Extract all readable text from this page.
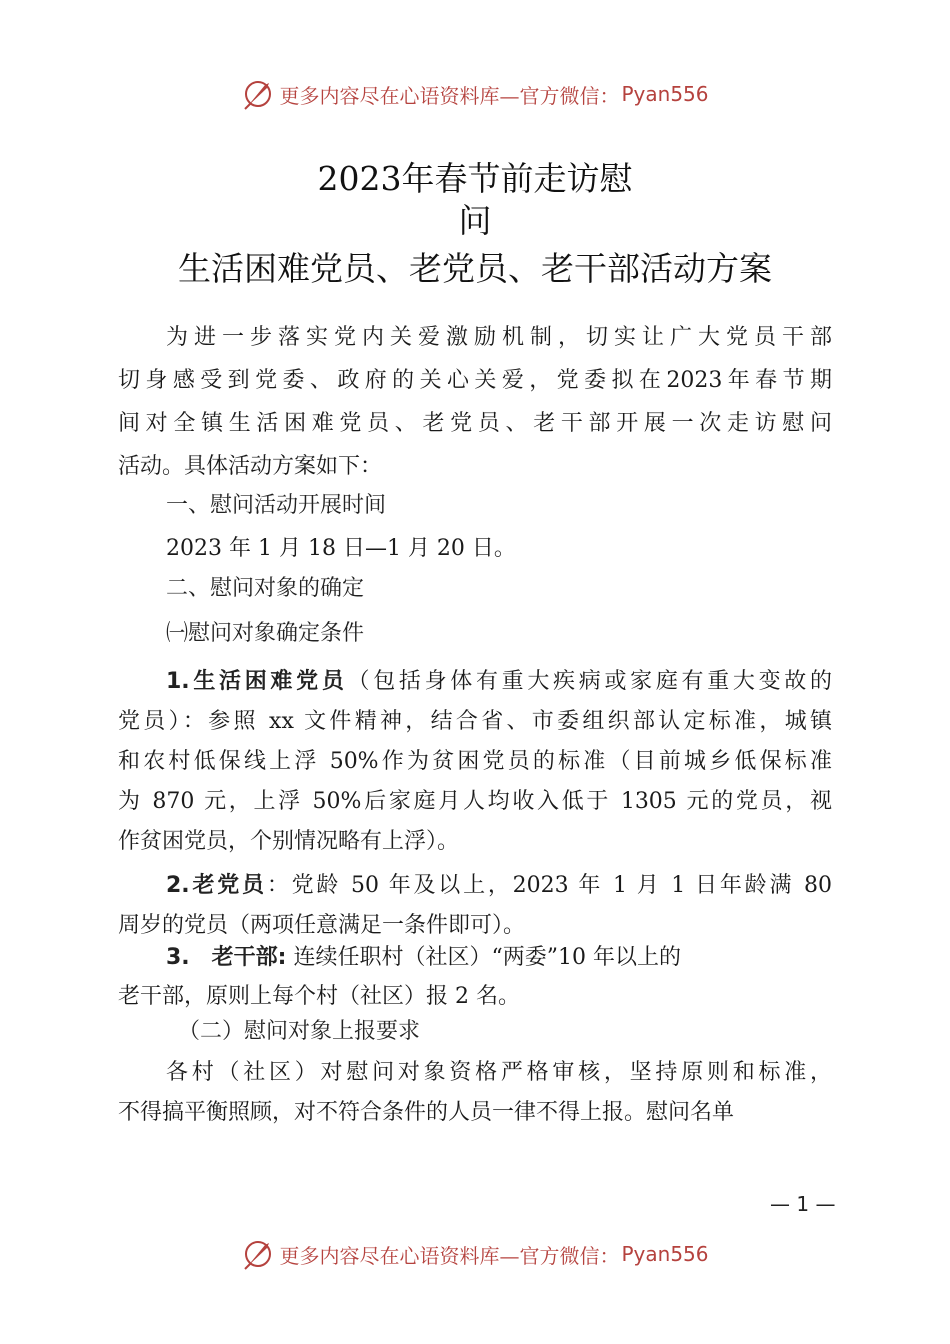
更多内容尽在心语资料库—官方微信： Pyan556
2023年春节前走访慰
问
生活困难党员、老党员、老干部活动方案
为进一步落实党内关爱激励机制，切实让广大党员干部
切身感受到党委、政府的关心关爱，党委拟在2023年春节期
间对全镇生活困难党员、老党员、老干部开展一次走访慰问
活动。具体活动方案如下：
一、慰问活动开展时间
2023 年 1 月 18 日—1 月 20 日。
二、慰问对象的确定
㈠慰问对象确定条件
1.生活困难党员（包括身体有重大疾病或家庭有重大变故的
党员）：参照 xx 文件精神，结合省、市委组织部认定标准，城镇
和农村低保线上浮 50%作为贫困党员的标准（目前城乡低保标准
为 870 元，上浮 50%后家庭月人均收入低于 1305 元的党员，视
作贫困党员，个别情况略有上浮）。
2.老党员：党龄 50 年及以上，2023 年 1 月 1 日年龄满 80
周岁的党员（两项任意满足一条件即可）。
3.　老干部: 连续任职村（社区）“两委”10 年以上的
老干部，原则上每个村（社区）报 2 名。
（二）慰问对象上报要求
各村（社区）对慰问对象资格严格审核，坚持原则和标准，
不得搞平衡照顾，对不符合条件的人员一律不得上报。慰问名单
— 1 —
更多内容尽在心语资料库—官方微信： Pyan556
